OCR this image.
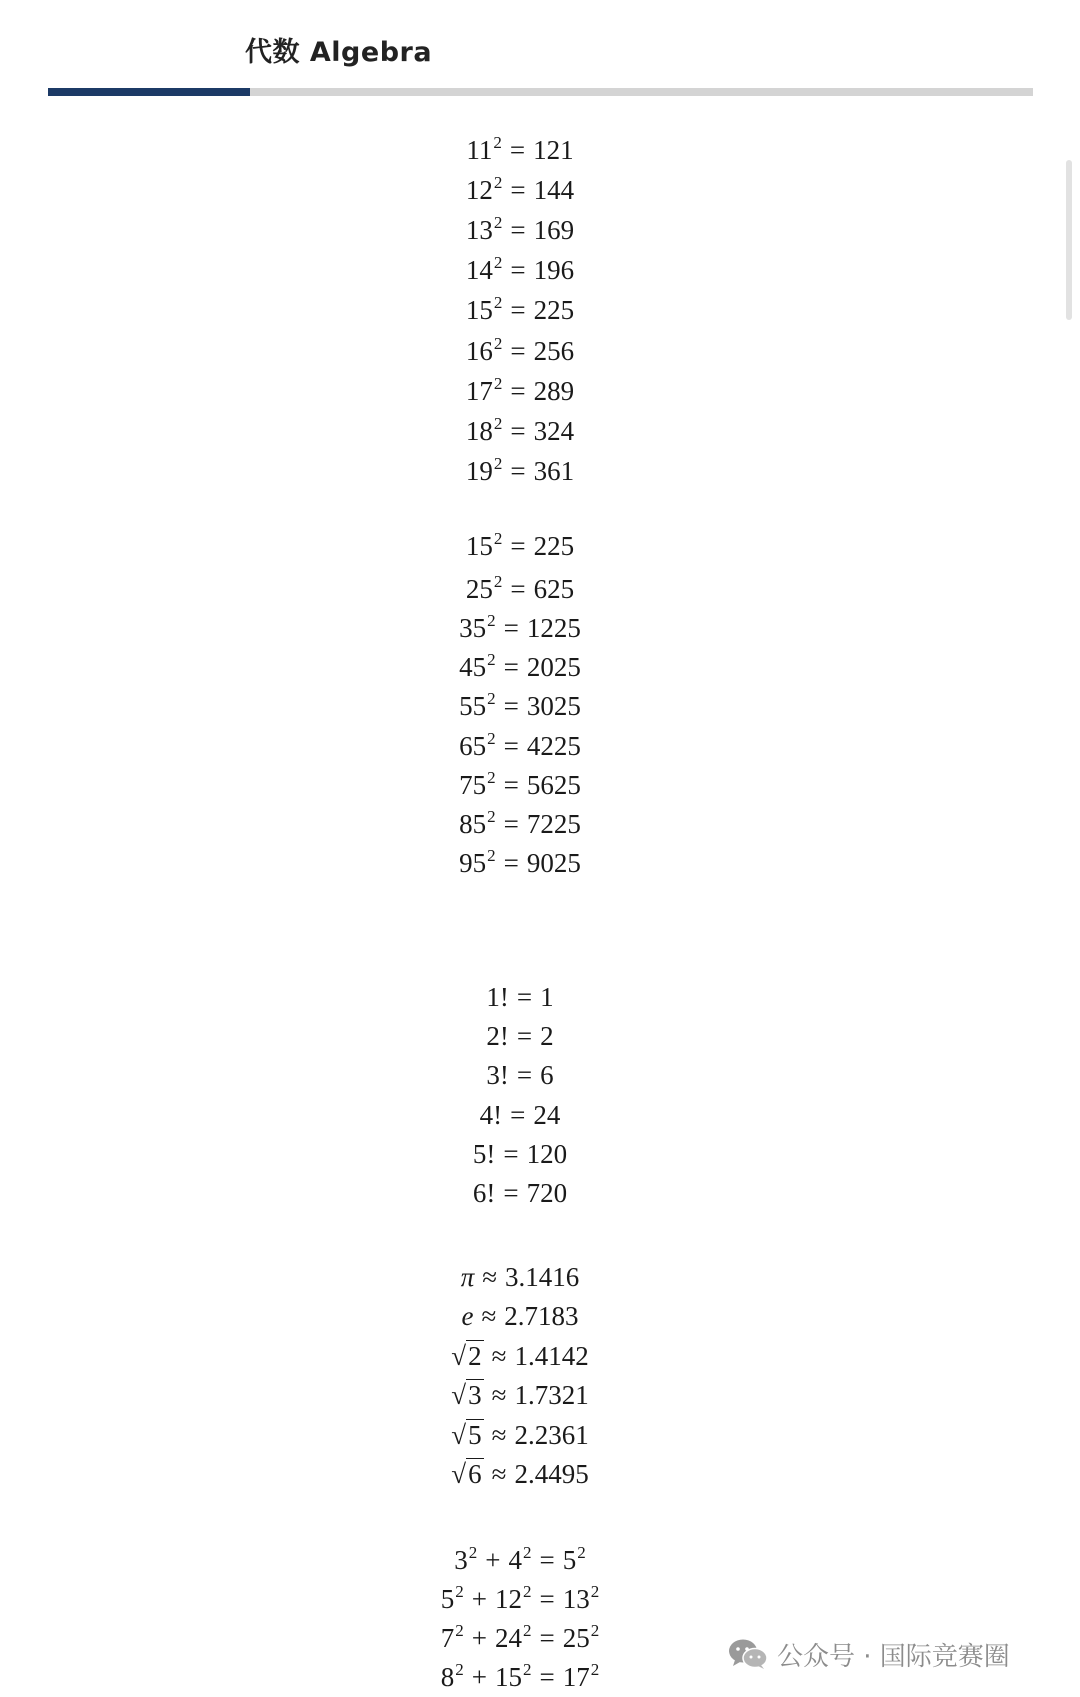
代数 Algebra
$11^2 = 121$
$12^2 = 144$
$13^2 = 169$
$14^2 = 196$
$15^2 = 225$
$16^2 = 256$
$17^2 = 289$
$18^2 = 324$
$19^2 = 361$
$15^2 = 225$
$25^2 = 625$
$35^2 = 1225$
$45^2 = 2025$
$55^2 = 3025$
$65^2 = 4225$
$75^2 = 5625$
$85^2 = 7225$
$95^2 = 9025$
1! = 1
2! = 2
3! = 6
4! = 24
5! = 120
6! = 720
π ≈ 3.1416
e ≈ 2.7183
√2 ≈ 1.4142
√3 ≈ 1.7321
√5 ≈ 2.2361
√6 ≈ 2.4495
$3^2 + 4^2 = 5^2$
$5^2 + 12^2 = 13^2$
$7^2 + 24^2 = 25^2$
$8^2 + 15^2 = 17^2$	公众号 · 国际竞赛圈
